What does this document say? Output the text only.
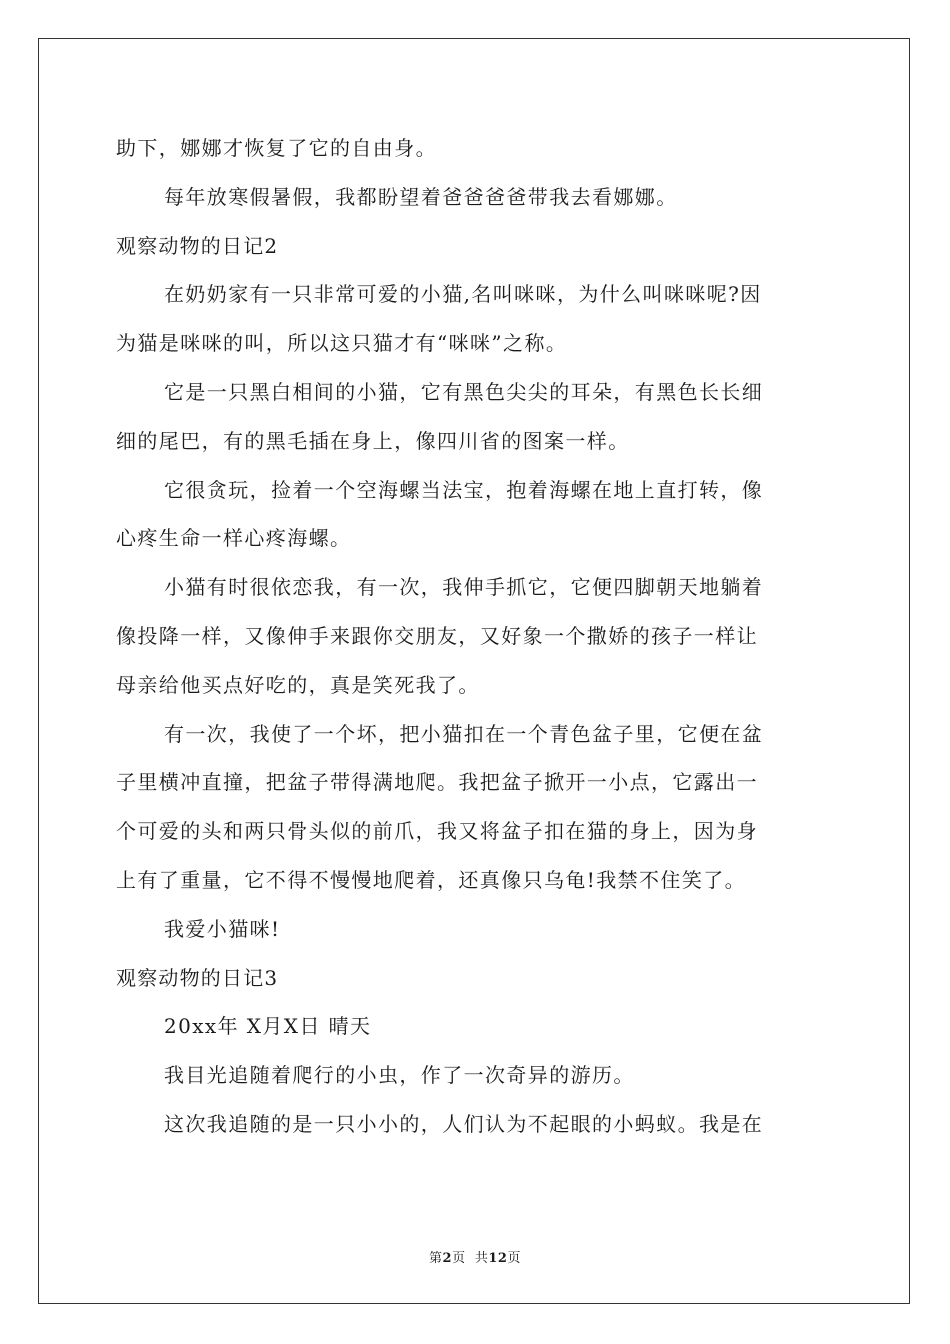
助下，娜娜才恢复了它的自由身。
每年放寒假暑假，我都盼望着爸爸爸爸带我去看娜娜。
观察动物的日记2
在奶奶家有一只非常可爱的小猫,名叫咪咪，为什么叫咪咪呢?因
为猫是咪咪的叫，所以这只猫才有“咪咪”之称。
它是一只黑白相间的小猫，它有黑色尖尖的耳朵，有黑色长长细
细的尾巴，有的黑毛插在身上，像四川省的图案一样。
它很贪玩，捡着一个空海螺当法宝，抱着海螺在地上直打转，像
心疼生命一样心疼海螺。
小猫有时很依恋我，有一次，我伸手抓它，它便四脚朝天地躺着
像投降一样，又像伸手来跟你交朋友，又好象一个撒娇的孩子一样让
母亲给他买点好吃的，真是笑死我了。
有一次，我使了一个坏，把小猫扣在一个青色盆子里，它便在盆
子里横冲直撞，把盆子带得满地爬。我把盆子掀开一小点，它露出一
个可爱的头和两只骨头似的前爪，我又将盆子扣在猫的身上，因为身
上有了重量，它不得不慢慢地爬着，还真像只乌龟!我禁不住笑了。
我爱小猫咪!
观察动物的日记3
20xx年 X月X日 晴天
我目光追随着爬行的小虫，作了一次奇异的游历。
这次我追随的是一只小小的，人们认为不起眼的小蚂蚁。我是在
第2页  共12页
